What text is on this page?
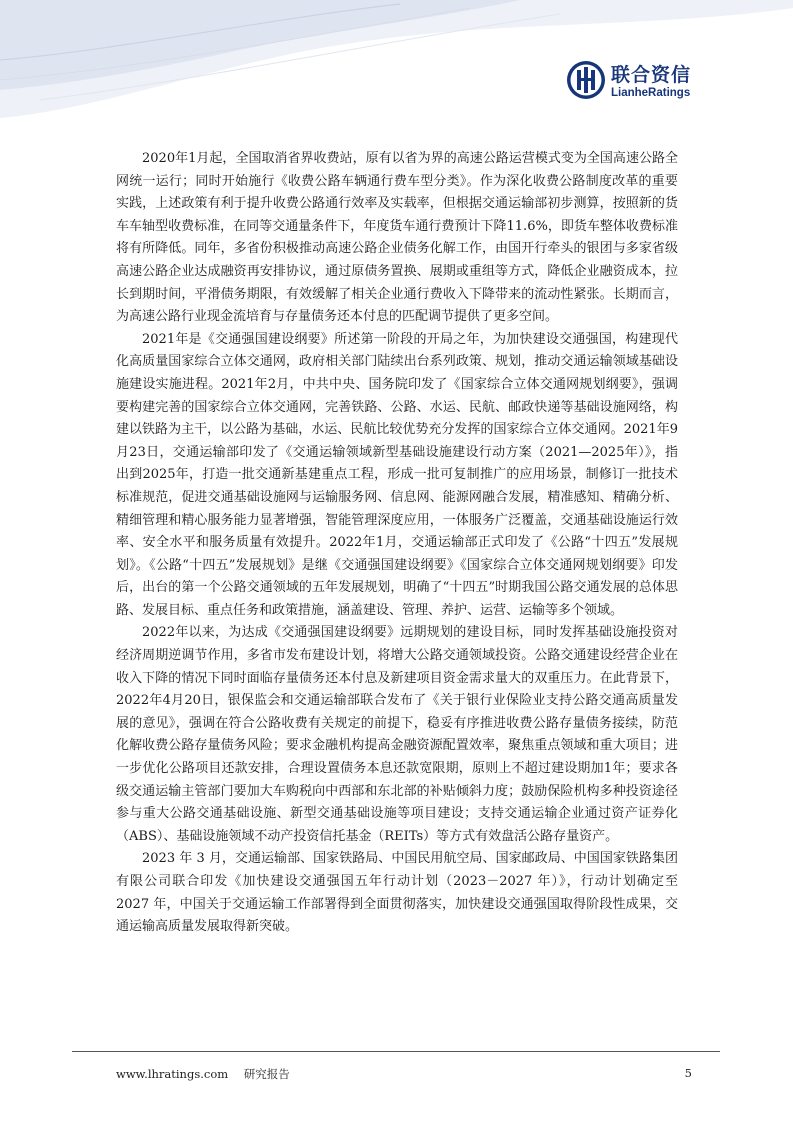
联合资信
LianheRatings

2020年1月起，全国取消省界收费站，原有以省为界的高速公路运营模式变为全国高速公路全网统一运行；同时开始施行《收费公路车辆通行费车型分类》。作为深化收费公路制度改革的重要实践，上述政策有利于提升收费公路通行效率及实载率，但根据交通运输部初步测算，按照新的货车车轴型收费标准，在同等交通量条件下，年度货车通行费预计下降11.6%，即货车整体收费标准将有所降低。同年，多省份积极推动高速公路企业债务化解工作，由国开行牵头的银团与多家省级高速公路企业达成融资再安排协议，通过原债务置换、展期或重组等方式，降低企业融资成本，拉长到期时间，平滑债务期限，有效缓解了相关企业通行费收入下降带来的流动性紧张。长期而言，为高速公路行业现金流培育与存量债务还本付息的匹配调节提供了更多空间。

2021年是《交通强国建设纲要》所述第一阶段的开局之年，为加快建设交通强国，构建现代化高质量国家综合立体交通网，政府相关部门陆续出台系列政策、规划，推动交通运输领域基础设施建设实施进程。2021年2月，中共中央、国务院印发了《国家综合立体交通网规划纲要》，强调要构建完善的国家综合立体交通网，完善铁路、公路、水运、民航、邮政快递等基础设施网络，构建以铁路为主干，以公路为基础，水运、民航比较优势充分发挥的国家综合立体交通网。2021年9月23日，交通运输部印发了《交通运输领域新型基础设施建设行动方案（2021—2025年）》，指出到2025年，打造一批交通新基建重点工程，形成一批可复制推广的应用场景，制修订一批技术标准规范，促进交通基础设施网与运输服务网、信息网、能源网融合发展，精准感知、精确分析、精细管理和精心服务能力显著增强，智能管理深度应用，一体服务广泛覆盖，交通基础设施运行效率、安全水平和服务质量有效提升。2022年1月，交通运输部正式印发了《公路“十四五”发展规划》。《公路“十四五”发展规划》是继《交通强国建设纲要》《国家综合立体交通网规划纲要》印发后，出台的第一个公路交通领域的五年发展规划，明确了“十四五”时期我国公路交通发展的总体思路、发展目标、重点任务和政策措施，涵盖建设、管理、养护、运营、运输等多个领域。

2022年以来，为达成《交通强国建设纲要》远期规划的建设目标，同时发挥基础设施投资对经济周期逆调节作用，多省市发布建设计划，将增大公路交通领域投资。公路交通建设经营企业在收入下降的情况下同时面临存量债务还本付息及新建项目资金需求量大的双重压力。在此背景下，2022年4月20日，银保监会和交通运输部联合发布了《关于银行业保险业支持公路交通高质量发展的意见》，强调在符合公路收费有关规定的前提下，稳妥有序推进收费公路存量债务接续，防范化解收费公路存量债务风险；要求金融机构提高金融资源配置效率，聚焦重点领域和重大项目；进一步优化公路项目还款安排，合理设置债务本息还款宽限期，原则上不超过建设期加1年；要求各级交通运输主管部门要加大车购税向中西部和东北部的补贴倾斜力度；鼓励保险机构多种投资途径参与重大公路交通基础设施、新型交通基础设施等项目建设；支持交通运输企业通过资产证券化（ABS）、基础设施领域不动产投资信托基金（REITs）等方式有效盘活公路存量资产。

2023 年 3 月，交通运输部、国家铁路局、中国民用航空局、国家邮政局、中国国家铁路集团有限公司联合印发《加快建设交通强国五年行动计划（2023－2027 年）》，行动计划确定至 2027 年，中国关于交通运输工作部署得到全面贯彻落实，加快建设交通强国取得阶段性成果，交通运输高质量发展取得新突破。

www.lhratings.com 研究报告	5
